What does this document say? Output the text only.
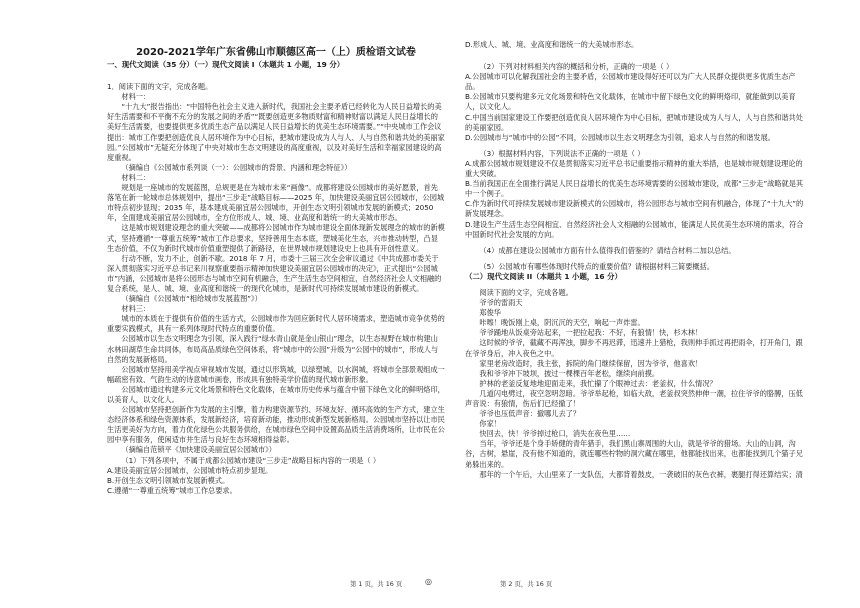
2020-2021学年广东省佛山市顺德区高一（上）质检语文试卷

一、现代文阅读（35 分）（一）现代文阅读 I（本题共 1 小题，19 分）

1．阅读下面的文字，完成各题。

材料一：

“十九大”报告指出：“中国特色社会主义进入新时代，我国社会主要矛盾已经转化为人民日益增长的美好生活需要和不平衡不充分的发展之间的矛盾”“既要创造更多物质财富和精神财富以满足人民日益增长的美好生活需要，也要提供更多优质生态产品以满足人民日益增长的优美生态环境需要。”“中央城市工作会议提出：城市工作要把创造优良人居环境作为中心目标，把城市建设成为人与人、人与自然和谐共处的美丽家园。”公园城市”无疑充分体现了中央对城市生态文明建设的高度重视，以及对美好生活和幸福家园建设的高度重视。

（摘编自《公园城市系列谈（一）：公园城市的背景、内涵和理念特征》）

材料二：

规划是一座城市的发展蓝图，总规更是在为城市未来“画像”。成都将建设公园城市的美好愿景，首先落笔在新一轮城市总体规划中，提出“三步走”战略目标——2025 年，加快建设美丽宜居公园城市，公园城市特点初步显现；2035 年，基本建成美丽宜居公园城市，开创生态文明引领城市发展的新模式；2050 年，全面建成美丽宜居公园城市，全方位形成人、城、境、业高度和谐统一的大美城市形态。

这是城市规划建设理念的重大突破——成都将公园城市作为城市建设全面体现新发展理念的城市的新模式，坚持遵循“一尊重五统筹”城市工作总要求，坚持善用生态本底，塑城美化生态，兴市推动转型，凸显生态价值，不仅为新时代城市价值重塑提供了新路径，在世界城市规划建设史上也具有开创性意义。

行动不断，发力不止，创新不歇。2018 年 7 月，市委十三届三次全会审议通过《中共成都市委关于深入贯彻落实习近平总书记来川视察重要指示精神加快建设美丽宜居公园城市的决定》，正式提出“公园城市”内涵，公园城市是将公园形态与城市空间有机融合，生产生活生态空间相宜，自然经济社会人文相融的复合系统，是人、城、境、业高度和谐统一的现代化城市，是新时代可持续发展城市建设的新模式。

（摘编自《公园城市“相给城市发展蓝图”》）

材料三：

城市的本质在于提供有价值的生活方式，公园城市作为回应新时代人居环境需求，塑造城市竞争优势的重要实践模式，具有一系列体现时代特点的重要价值。

公园城市以生态文明理念为引领，深入践行“绿水青山就是金山银山”理念，以生态视野在城市构建山水林田湖草生命共同体，布局高品质绿色空间体系，将“城市中的公园”升级为“公园中的城市”，形成人与自然的发展新格局。

公园城市坚持用美学视点审视城市发展，通过以形筑城，以绿塑城，以水润城，将城市全部景观组成一幅疏密有致、气韵生动的诗意城市画卷，形成具有独特美学价值的现代城市新形象。

公园城市通过构建多元文化场景和特色文化载体，在城市历史传承与蕴含中留下绿色文化的鲜明烙印，以美育人，以文化人。

公园城市坚持把创新作为发展的主引擎，着力构建资源节约、环境友好、循环高效的生产方式，建立生态经济体系和绿色资源体系，发展新经济，培育新动能，推动形成新型发展新格局。公园城市坚持以让市民生活更美好为方向，着力优化绿色公共服务供给，在城市绿色空间中设置高品质生活消费场所，让市民在公园中享有服务，使闲适市井生活与良好生态环境相得益彰。

（摘编自范锁平《加快建设美丽宜居公园城市》）

（1）下列各项中，不属于成都公园城市建设“三步走”战略目标内容的一项是（ ）

A.建设美丽宜居公园城市，公园城市特点初步显现。

B.开创生态文明引领城市发展新模式。

C.遵循“一尊重五统筹”城市工作总要求。

D.形成人、城、境、业高度和谐统一的大美城市形态。

（2）下列对材料相关内容的概括和分析，正确的一项是（ ）

A.公园城市可以化解我国社会的主要矛盾，公园城市建设得好还可以为广大人民群众提供更多优质生态产品。

B.公园城市只要构建多元文化场景和特色文化载体，在城市中留下绿色文化的鲜明烙印，就能做到以美育人，以文化人。

C.中国当前国家建设工作要把创造优良人居环境作为中心目标，把城市建设成为人与人，人与自然和谐共处的美丽家园。

D.公园城市与“城市中的公园”不同，公园城市以生态文明理念为引领，追求人与自然的和谐发展。

（3）根据材料内容，下列说法不正确的一项是（ ）

A.成都公园城市规划建设不仅是贯彻落实习近平总书记重要指示精神的重大举措，也是城市规划建设理论的重大突破。

B.当前我国正在全面推行满足人民日益增长的优美生态环境需要的公园城市建设，成都“三步走”战略就是其中一个例子。

C.作为新时代可持续发展城市建设新模式的公园城市，将公园形态与城市空间有机融合，体现了“十九大”的新发展理念。

D.建设生产生活生态空间相宜、自然经济社会人文相融的公园城市，能满足人民优美生态环境的需求，符合中国新时代社会发展的方向。

（4）成都在建设公园城市方面有什么值得我们借鉴的？请结合材料二加以总结。

（5）公园城市有哪些体现时代特点的重要价值？请根据材料三简要概括。

（二）现代文阅读 II（本题共 1 小题，16 分）

阅读下面的文字，完成各题。

爷爷的雷雨天

郑俊华

咔嚓！晚饭刚上桌，阴沉沉的天空，响起一声炸雷。

爷爷踊地从饭桌旁站起来，一把拉起我：不好，有狼情！快，杉木林！

这时候的爷爷，截藏不再浑浊，脚步不再迟滞，迅速并上猎枪，我则伸手抓过再把雨伞，打开角门，跟在爷爷身后，冲入夜色之中。

家里老房改造时，我主张，拆院的角门继续保留，因为爷爷，他喜欢！

我和爷爷冲下坡坝，披过一棵棵百年老松，继续向前摸。

护林的老釜反复地地迎面走来，我忙攥了个眼神过去：老釜叔，什么情况？

几道闪电劈过，夜空忽明忽暗。爷爷举起枪，如临大敌，老釜叔突然伸伸一潮，拉住爷爷的胳膊，压低声音说：有狼情，伤后们已经撤了！

爷爷也压低声音：撤哪儿去了？

你家！

快回去，快！爷爷掉过枪口，消失在夜色里……

当年，爷爷还是个身手矫健的青年猎手，我们黑山寨周围的大山，就是爷爷的猎场。大山的山洞，沟谷，古树，悬崖，没有他不知道的，就连哪些柠物的洞穴藏在哪里，他都能找出来，也都能找到几个猫子兄弟躲出来的。

那年的一个午后，大山里来了一支队伍，大都背着鼓皮，一袭破旧的灰色衣裤，裹腿打得还算结实；清

第 1 页，共 16 页	◎	第 2 页，共 16 页
